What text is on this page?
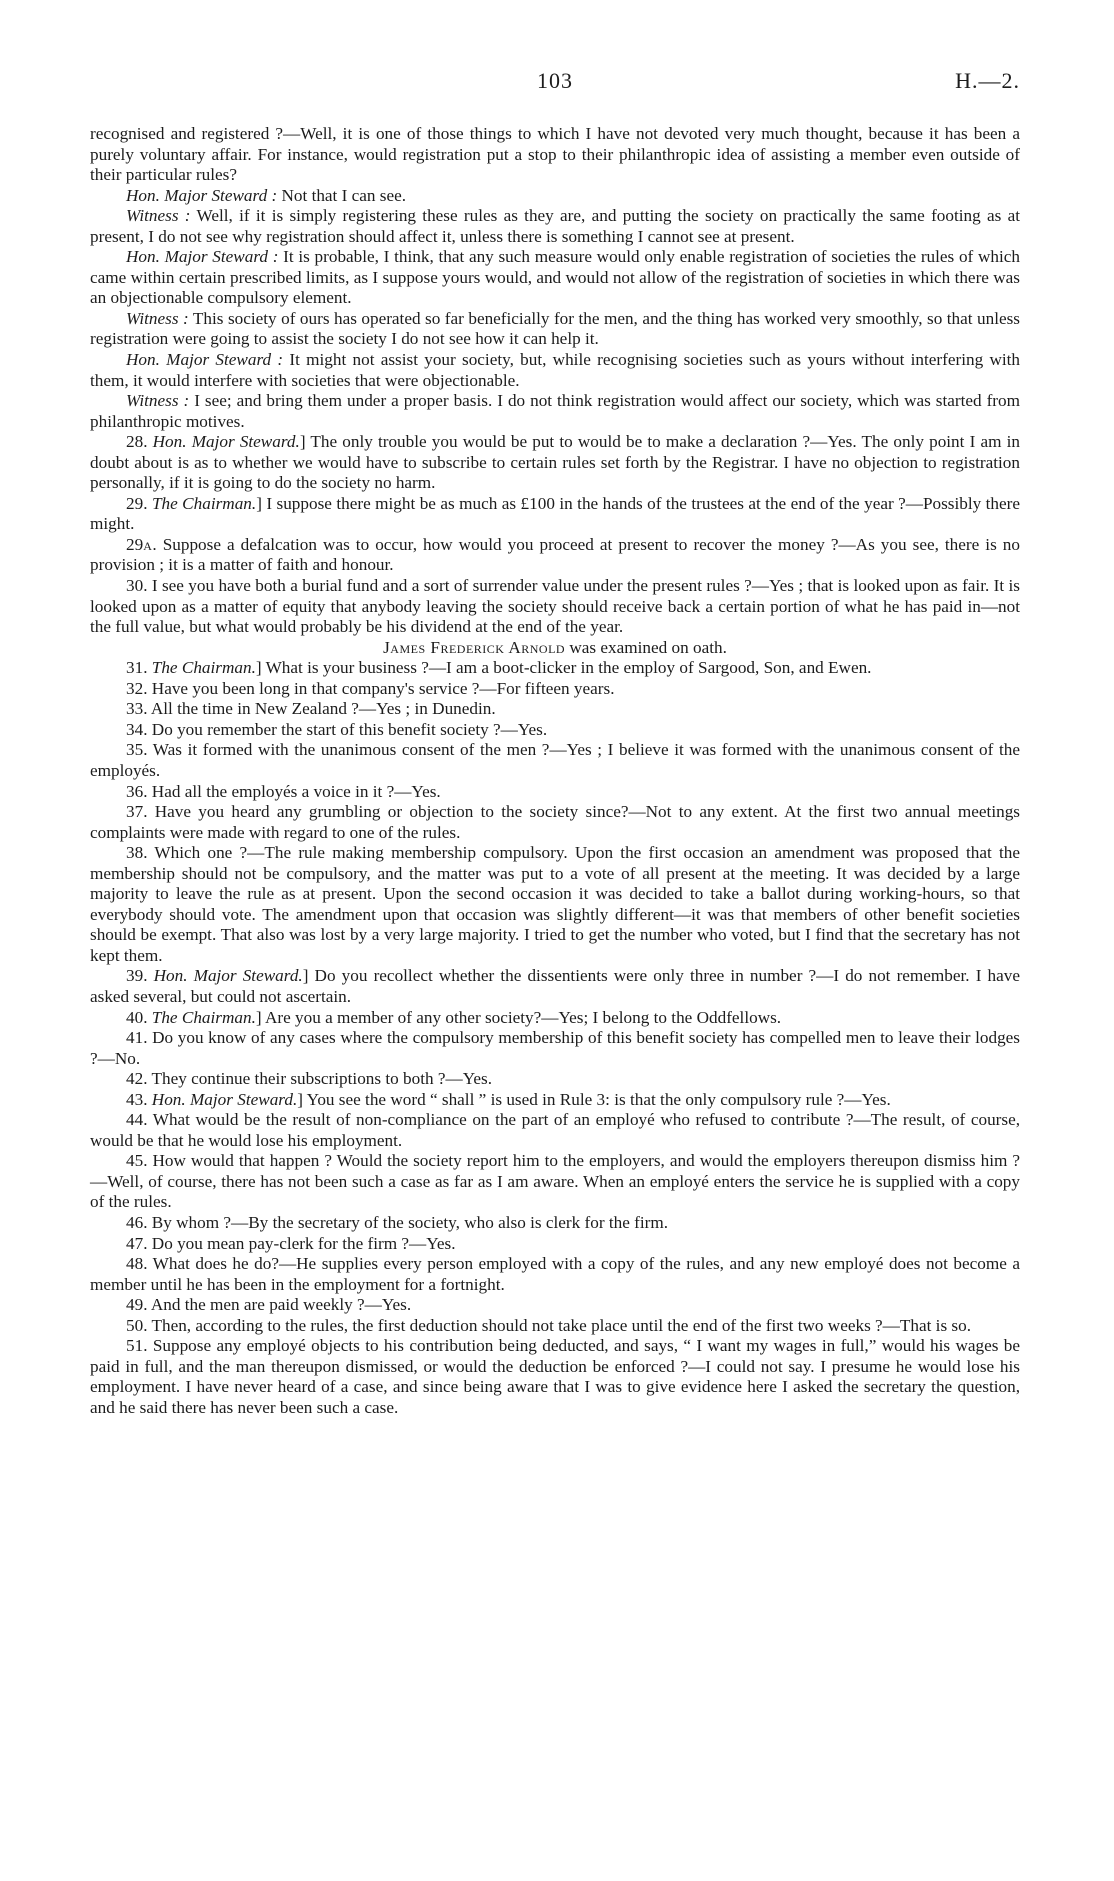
103	H.—2.

recognised and registered ?—Well, it is one of those things to which I have not devoted very much thought, because it has been a purely voluntary affair. For instance, would registration put a stop to their philanthropic idea of assisting a member even outside of their particular rules?

Hon. Major Steward : Not that I can see.

Witness : Well, if it is simply registering these rules as they are, and putting the society on practically the same footing as at present, I do not see why registration should affect it, unless there is something I cannot see at present.

Hon. Major Steward : It is probable, I think, that any such measure would only enable registration of societies the rules of which came within certain prescribed limits, as I suppose yours would, and would not allow of the registration of societies in which there was an objectionable compulsory element.

Witness : This society of ours has operated so far beneficially for the men, and the thing has worked very smoothly, so that unless registration were going to assist the society I do not see how it can help it.

Hon. Major Steward : It might not assist your society, but, while recognising societies such as yours without interfering with them, it would interfere with societies that were objectionable.

Witness : I see; and bring them under a proper basis. I do not think registration would affect our society, which was started from philanthropic motives.

28. Hon. Major Steward.] The only trouble you would be put to would be to make a declaration ?—Yes. The only point I am in doubt about is as to whether we would have to subscribe to certain rules set forth by the Registrar. I have no objection to registration personally, if it is going to do the society no harm.

29. The Chairman.] I suppose there might be as much as £100 in the hands of the trustees at the end of the year ?—Possibly there might.

29a. Suppose a defalcation was to occur, how would you proceed at present to recover the money ?—As you see, there is no provision ; it is a matter of faith and honour.

30. I see you have both a burial fund and a sort of surrender value under the present rules ?—Yes ; that is looked upon as fair. It is looked upon as a matter of equity that anybody leaving the society should receive back a certain portion of what he has paid in—not the full value, but what would probably be his dividend at the end of the year.

James Frederick Arnold was examined on oath.

31. The Chairman.] What is your business ?—I am a boot-clicker in the employ of Sargood, Son, and Ewen.

32. Have you been long in that company's service ?—For fifteen years.

33. All the time in New Zealand ?—Yes ; in Dunedin.

34. Do you remember the start of this benefit society ?—Yes.

35. Was it formed with the unanimous consent of the men ?—Yes ; I believe it was formed with the unanimous consent of the employés.

36. Had all the employés a voice in it ?—Yes.

37. Have you heard any grumbling or objection to the society since?—Not to any extent. At the first two annual meetings complaints were made with regard to one of the rules.

38. Which one ?—The rule making membership compulsory. Upon the first occasion an amendment was proposed that the membership should not be compulsory, and the matter was put to a vote of all present at the meeting. It was decided by a large majority to leave the rule as at present. Upon the second occasion it was decided to take a ballot during working-hours, so that everybody should vote. The amendment upon that occasion was slightly different—it was that members of other benefit societies should be exempt. That also was lost by a very large majority. I tried to get the number who voted, but I find that the secretary has not kept them.

39. Hon. Major Steward.] Do you recollect whether the dissentients were only three in number ?—I do not remember. I have asked several, but could not ascertain.

40. The Chairman.] Are you a member of any other society?—Yes; I belong to the Oddfellows.

41. Do you know of any cases where the compulsory membership of this benefit society has compelled men to leave their lodges ?—No.

42. They continue their subscriptions to both ?—Yes.

43. Hon. Major Steward.] You see the word “ shall ” is used in Rule 3: is that the only compulsory rule ?—Yes.

44. What would be the result of non-compliance on the part of an employé who refused to contribute ?—The result, of course, would be that he would lose his employment.

45. How would that happen ? Would the society report him to the employers, and would the employers thereupon dismiss him ?—Well, of course, there has not been such a case as far as I am aware. When an employé enters the service he is supplied with a copy of the rules.

46. By whom ?—By the secretary of the society, who also is clerk for the firm.

47. Do you mean pay-clerk for the firm ?—Yes.

48. What does he do?—He supplies every person employed with a copy of the rules, and any new employé does not become a member until he has been in the employment for a fortnight.

49. And the men are paid weekly ?—Yes.

50. Then, according to the rules, the first deduction should not take place until the end of the first two weeks ?—That is so.

51. Suppose any employé objects to his contribution being deducted, and says, “ I want my wages in full,” would his wages be paid in full, and the man thereupon dismissed, or would the deduction be enforced ?—I could not say. I presume he would lose his employment. I have never heard of a case, and since being aware that I was to give evidence here I asked the secretary the question, and he said there has never been such a case.
